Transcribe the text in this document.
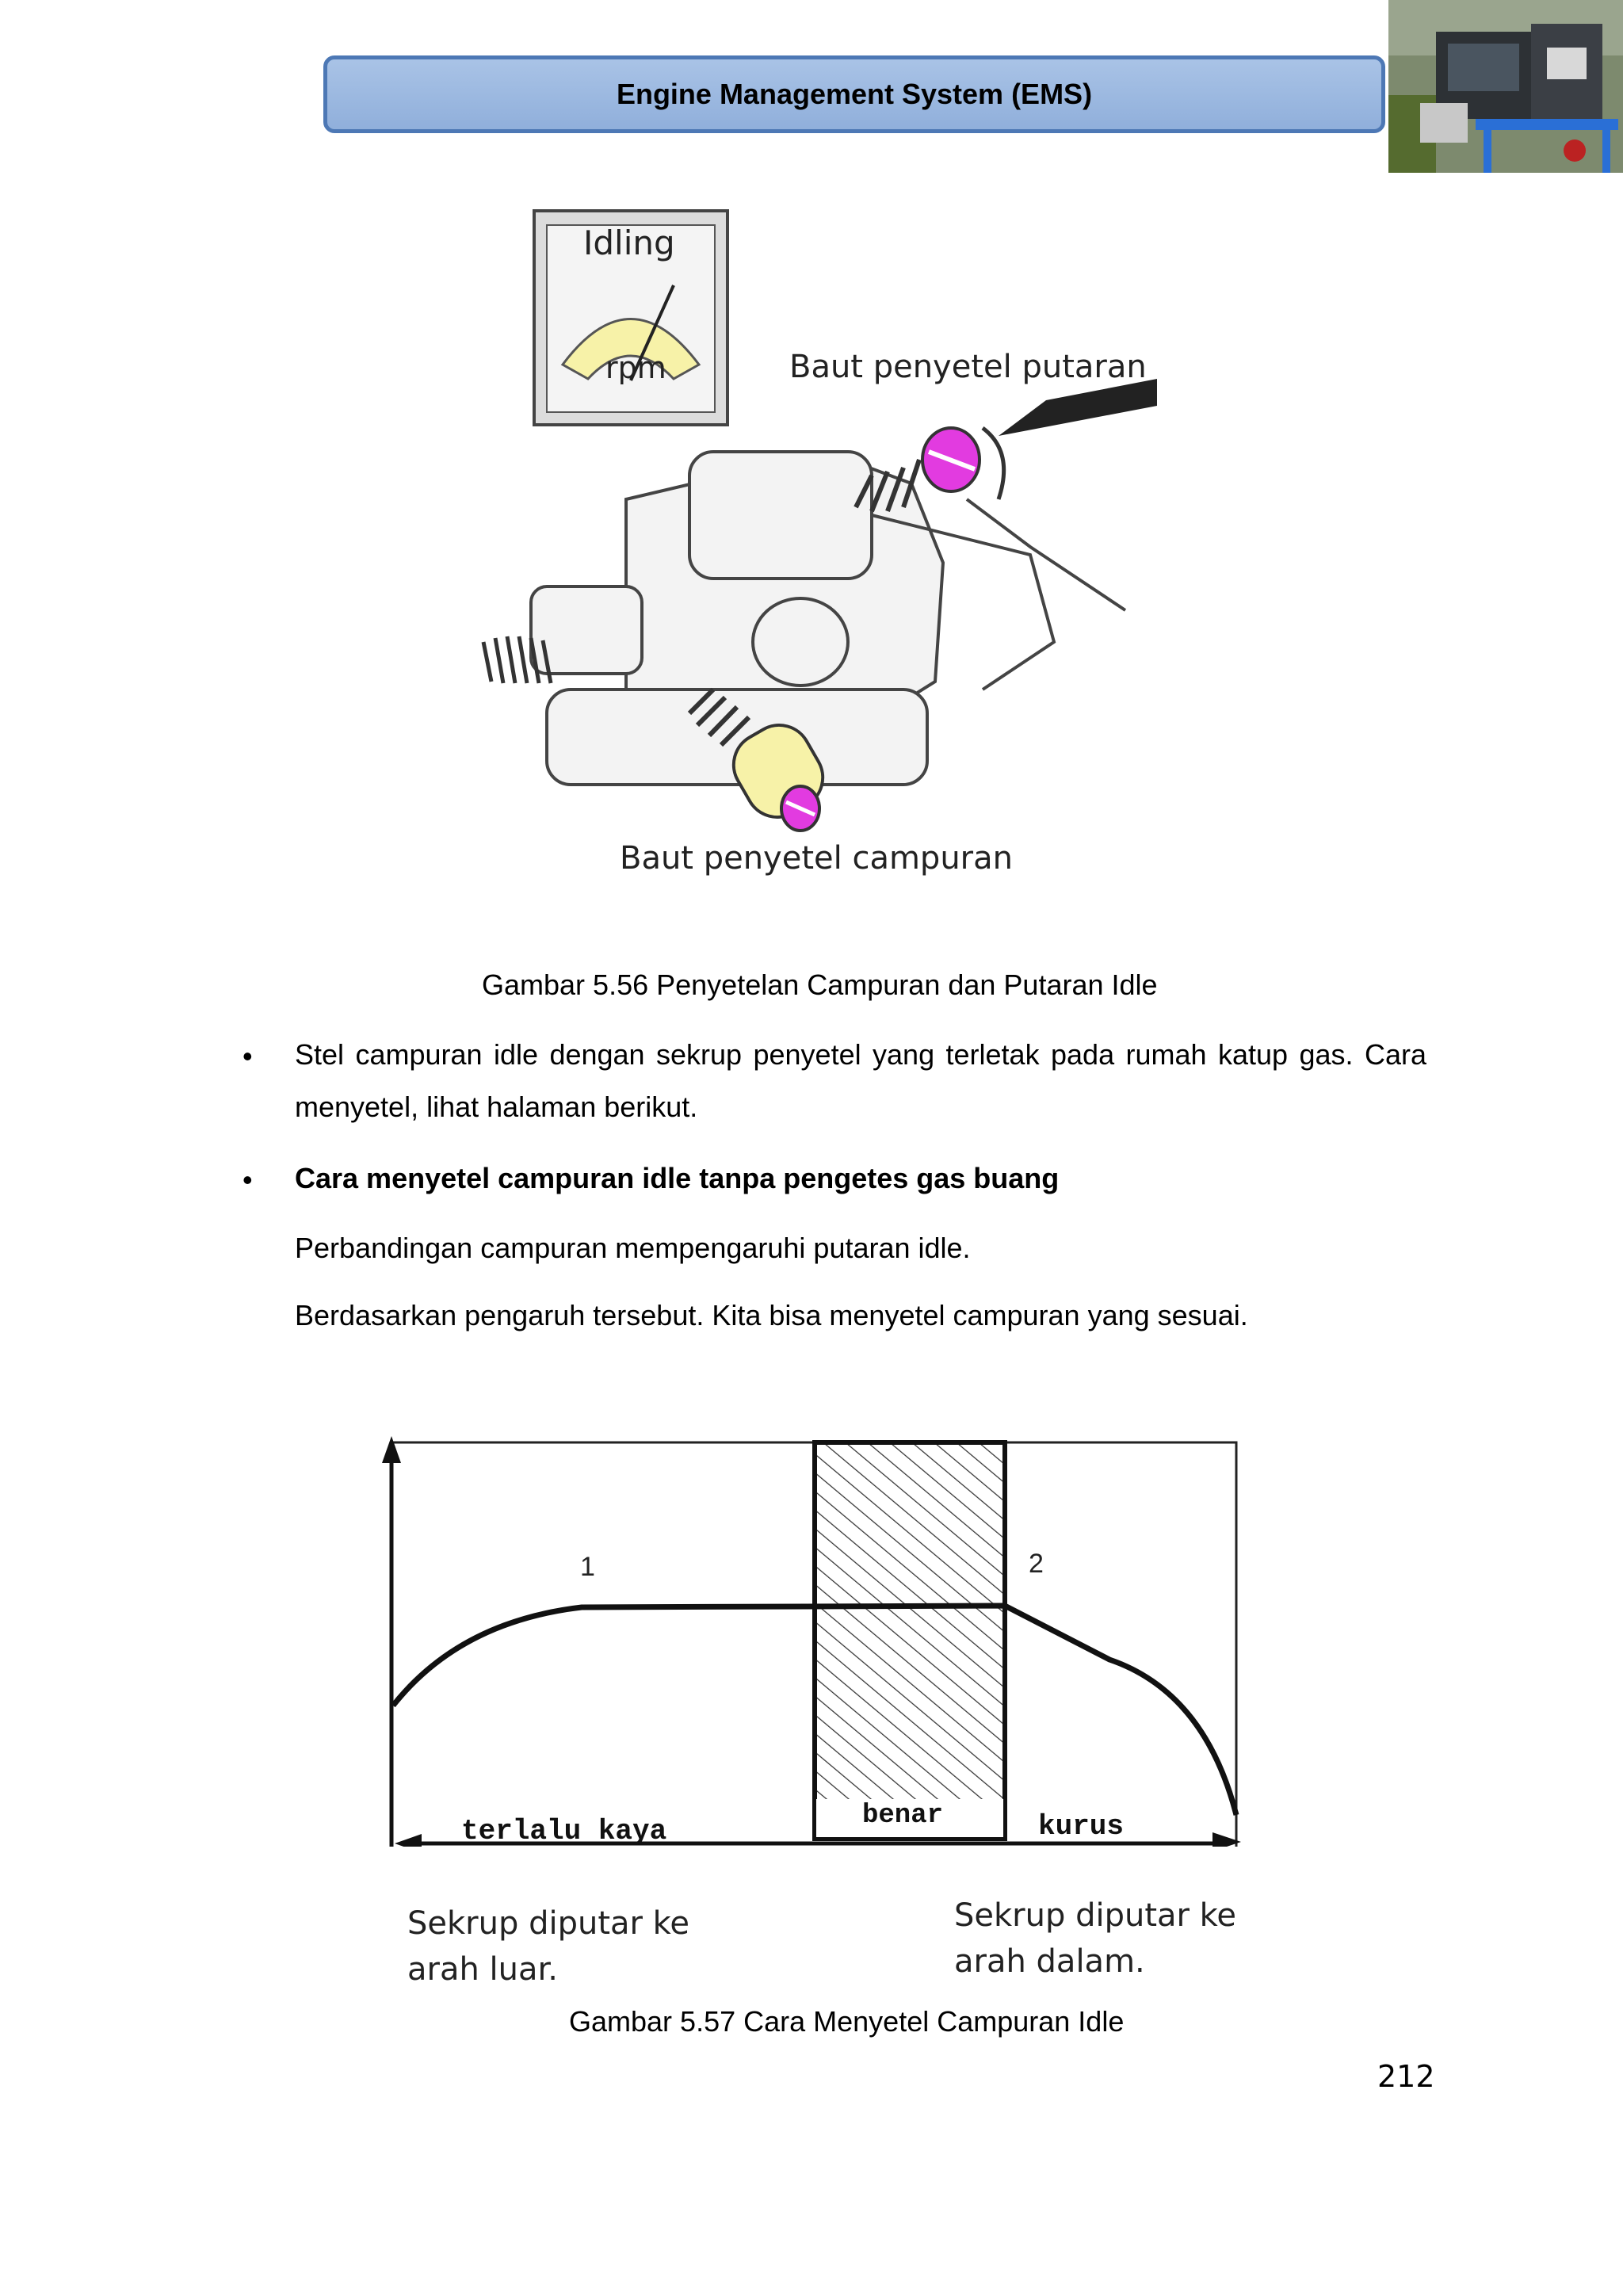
Engine Management System (EMS)
Idling
rpm	Baut penyetel putaran
Baut penyetel campuran
Gambar 5.56 Penyetelan Campuran dan Putaran Idle
• Stel campuran idle dengan sekrup penyetel yang terletak pada rumah katup gas. Cara menyetel, lihat halaman berikut.
• Cara menyetel campuran idle tanpa pengetes gas buang
Perbandingan campuran mempengaruhi putaran idle.
Berdasarkan pengaruh tersebut. Kita bisa menyetel campuran yang sesuai.
1	2
terlalu kaya	benar	kurus
Sekrup diputar ke
arah luar.
Sekrup diputar ke
arah dalam.
Gambar 5.57 Cara Menyetel Campuran Idle
212
